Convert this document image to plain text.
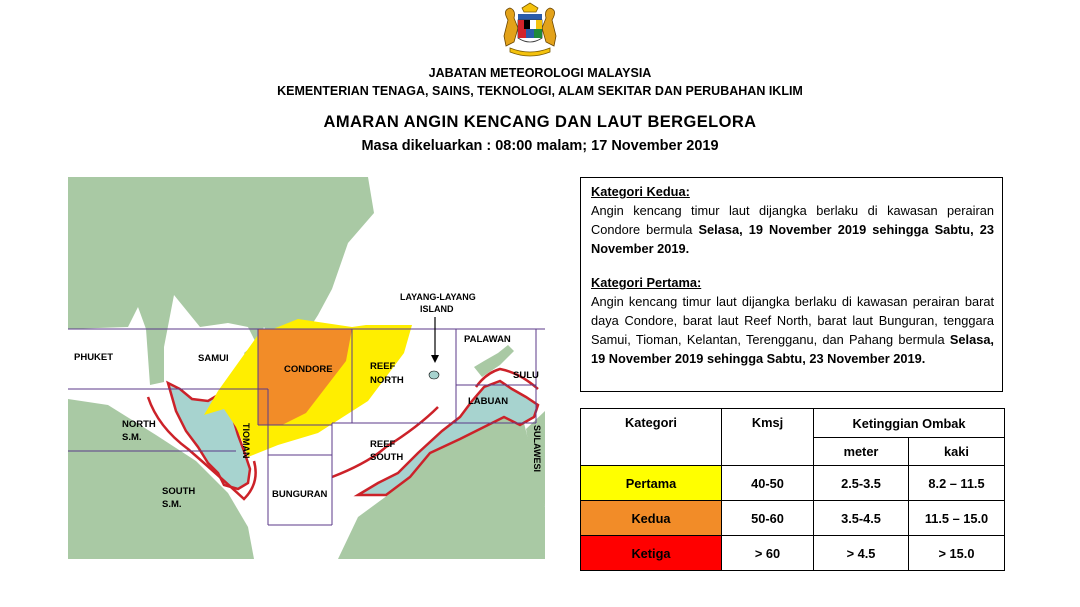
JABATAN METEOROLOGI MALAYSIA
KEMENTERIAN TENAGA, SAINS, TEKNOLOGI, ALAM SEKITAR DAN PERUBAHAN IKLIM
AMARAN ANGIN KENCANG DAN LAUT BERGELORA
Masa dikeluarkan : 08:00 malam; 17 November 2019
PHUKET	SAMUI
CONDORE	REEF
NORTH
PALAWAN
SULU
LABUAN
NORTH
S.M.	TIOMAN	REEF
SOUTH
SOUTH
S.M.
BUNGURAN
SULAWESI
LAYANG-LAYANG
ISLAND
Kategori Kedua:

Angin kencang timur laut dijangka berlaku di kawasan perairan Condore bermula Selasa, 19 November 2019 sehingga Sabtu, 23 November 2019.

Kategori Pertama:

Angin kencang timur laut dijangka berlaku di kawasan perairan barat daya Condore, barat laut Reef North, barat laut Bunguran, tenggara Samui, Tioman, Kelantan, Terengganu, dan Pahang bermula Selasa, 19 November 2019 sehingga Sabtu, 23 November 2019.

Kategori	Kmsj	Ketinggian Ombak	
		meter	kaki
Pertama	40-50	2.5-3.5	8.2 – 11.5
Kedua	50-60	3.5-4.5	11.5 – 15.0
Ketiga	> 60	> 4.5	> 15.0
